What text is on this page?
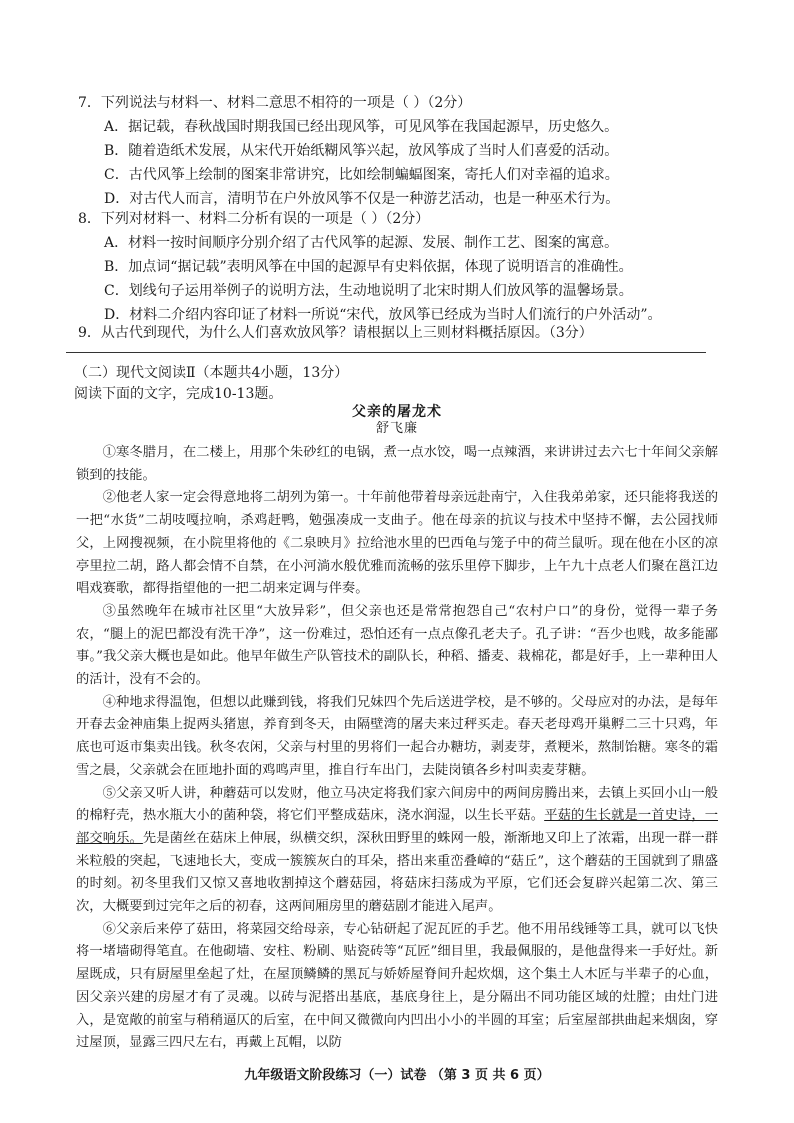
7．下列说法与材料一、材料二意思不相符的一项是（ ）（2分）
A．据记载，春秋战国时期我国已经出现风筝，可见风筝在我国起源早，历史悠久。
B．随着造纸术发展，从宋代开始纸糊风筝兴起，放风筝成了当时人们喜爱的活动。
C．古代风筝上绘制的图案非常讲究，比如绘制蝙蝠图案，寄托人们对幸福的追求。
D．对古代人而言，清明节在户外放风筝不仅是一种游艺活动，也是一种巫术行为。
8．下列对材料一、材料二分析有误的一项是（ ）（2分）
A．材料一按时间顺序分别介绍了古代风筝的起源、发展、制作工艺、图案的寓意。
B．加点词“据记载”表明风筝在中国的起源早有史料依据，体现了说明语言的准确性。
C．划线句子运用举例子的说明方法，生动地说明了北宋时期人们放风筝的温馨场景。
D．材料二介绍内容印证了材料一所说“宋代，放风筝已经成为当时人们流行的户外活动”。
9．从古代到现代，为什么人们喜欢放风筝？请根据以上三则材料概括原因。（3分）
（二）现代文阅读Ⅱ（本题共4小题，13分）
阅读下面的文字，完成10-13题。
父亲的屠龙术
舒飞廉

①寒冬腊月，在二楼上，用那个朱砂红的电锅，煮一点水饺，喝一点辣酒，来讲讲过去六七十年间父亲解锁到的技能。

②他老人家一定会得意地将二胡列为第一。十年前他带着母亲远赴南宁，入住我弟弟家，还只能将我送的一把“水货”二胡吱嘎拉响，杀鸡赶鸭，勉强凑成一支曲子。他在母亲的抗议与技术中坚持不懈，去公园找师父，上网搜视频，在小院里将他的《二泉映月》拉给池水里的巴西龟与笼子中的荷兰鼠听。现在他在小区的凉亭里拉二胡，路人都会情不自禁，在小河淌水般优雅而流畅的弦乐里停下脚步，上午九十点老人们聚在邕江边唱戏赛歌，都得指望他的一把二胡来定调与伴奏。

③虽然晚年在城市社区里“大放异彩”，但父亲也还是常常抱怨自己“农村户口”的身份，觉得一辈子务农，“腿上的泥巴都没有洗干净”，这一份难过，恐怕还有一点点像孔老夫子。孔子讲：“吾少也贱，故多能鄙事。”我父亲大概也是如此。他早年做生产队管技术的副队长，种稻、播麦、栽棉花，都是好手，上一辈种田人的活计，没有不会的。

④种地求得温饱，但想以此赚到钱，将我们兄妹四个先后送进学校，是不够的。父母应对的办法，是每年开春去金神庙集上捉两头猪崽，养育到冬天，由隔壁湾的屠夫来过秤买走。春天老母鸡开巢孵二三十只鸡，年底也可返市集卖出钱。秋冬农闲，父亲与村里的男将们一起合办糖坊，剥麦芽，煮粳米，熬制饴糖。寒冬的霜雪之晨，父亲就会在匝地扑面的鸡鸣声里，推自行车出门，去陡岗镇各乡村叫卖麦芽糖。

⑤父亲又听人讲，种蘑菇可以发财，他立马决定将我们家六间房中的两间房腾出来，去镇上买回小山一般的棉籽壳，热水瓶大小的菌种袋，将它们平整成菇床，浇水润湿，以生长平菇。平菇的生长就是一首史诗，一部交响乐。先是菌丝在菇床上伸展，纵横交织，深秋田野里的蛛网一般，渐渐地又印上了浓霜，出现一群一群米粒般的突起，飞速地长大，变成一簇簇灰白的耳朵，搭出来重峦叠嶂的“菇丘”，这个蘑菇的王国就到了鼎盛的时刻。初冬里我们又惊又喜地收割掉这个蘑菇园，将菇床扫荡成为平原，它们还会复辟兴起第二次、第三次，大概要到过完年之后的初春，这两间厢房里的蘑菇剧才能进入尾声。

⑥父亲后来停了菇田，将菜园交给母亲，专心钻研起了泥瓦匠的手艺。他不用吊线锤等工具，就可以飞快将一堵墙砌得笔直。在他砌墙、安柱、粉刷、贴瓷砖等“瓦匠”细目里，我最佩服的，是他盘得来一手好灶。新屋既成，只有厨屋里垒起了灶，在屋顶鳞鳞的黑瓦与娇娇屋脊间升起炊烟，这个集土人木匠与半辈子的心血，因父亲兴建的房屋才有了灵魂。以砖与泥搭出基底，基底身往上，是分隔出不同功能区域的灶膛；由灶门进入，是宽敞的前室与稍稍逼仄的后室，在中间又微微向内凹出小小的半圆的耳室；后室屋部拱曲起来烟囱，穿过屋顶，显露三四尺左右，再戴上瓦帽，以防

九年级语文阶段练习（一）试卷 （第 3 页 共 6 页）
